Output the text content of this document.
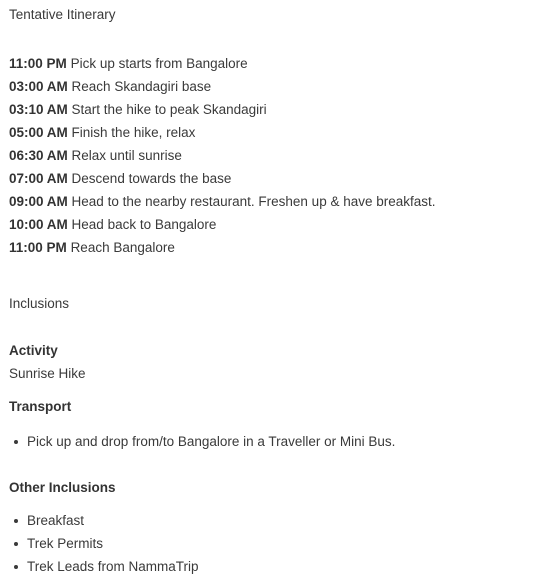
Tentative Itinerary
11:00 PM Pick up starts from Bangalore
03:00 AM Reach Skandagiri base
03:10 AM Start the hike to peak Skandagiri
05:00 AM Finish the hike, relax
06:30 AM Relax until sunrise
07:00 AM Descend towards the base
09:00 AM Head to the nearby restaurant. Freshen up & have breakfast.
10:00 AM Head back to Bangalore
11:00 PM Reach Bangalore
Inclusions
Activity
Sunrise Hike
Transport
Pick up and drop from/to Bangalore in a Traveller or Mini Bus.
Other Inclusions
Breakfast
Trek Permits
Trek Leads from NammaTrip
